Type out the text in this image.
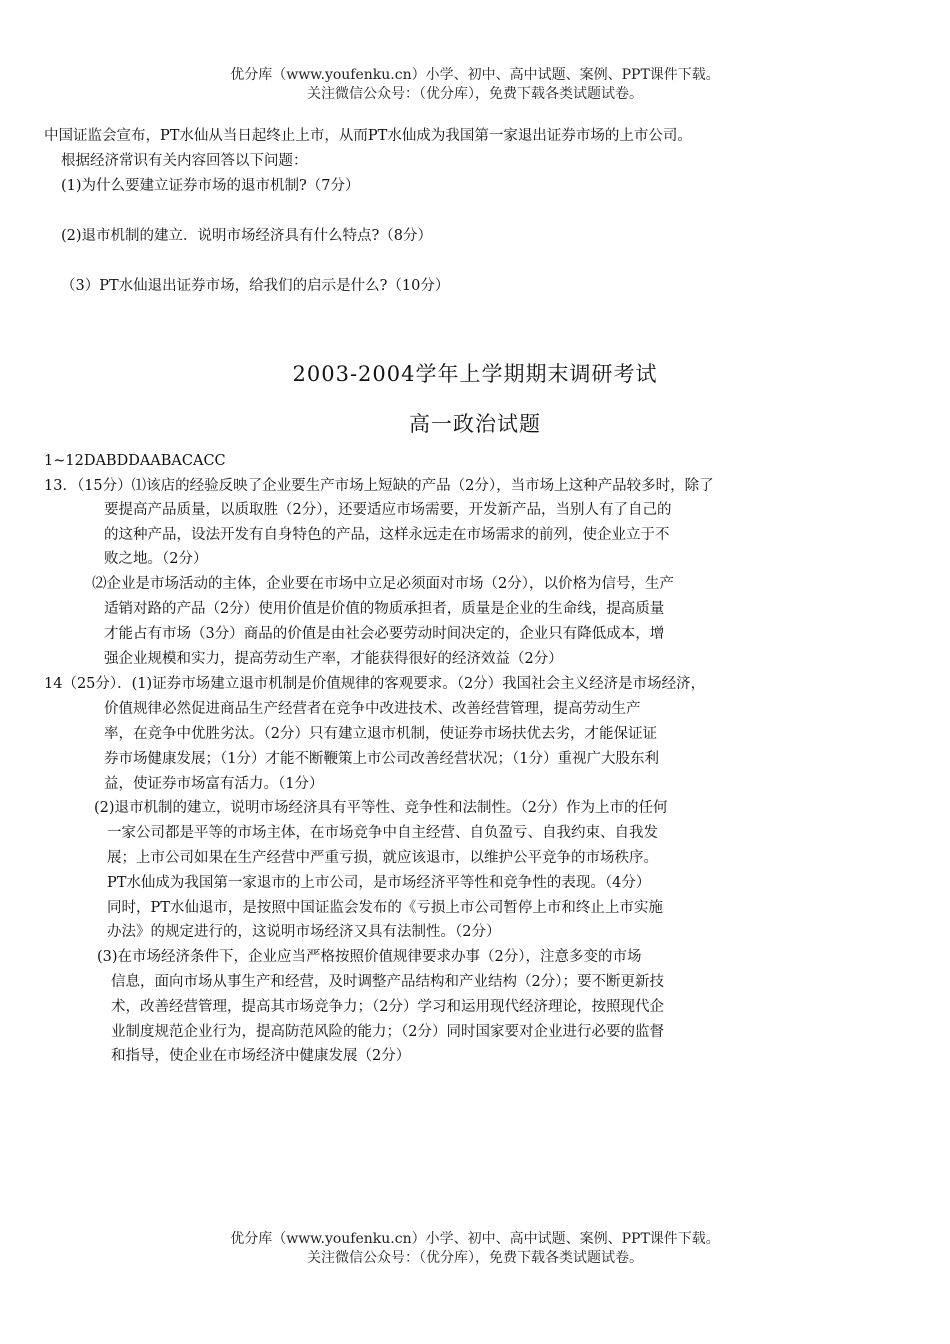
优分库（www.youfenku.cn）小学、初中、高中试题、案例、PPT课件下载。
关注微信公众号：（优分库），免费下载各类试题试卷。
中国证监会宣布，PT水仙从当日起终止上市，从而PT水仙成为我国第一家退出证券市场的上市公司。
根据经济常识有关内容回答以下问题：
(1)为什么要建立证券市场的退市机制?（7分）
(2)退市机制的建立．说明市场经济具有什么特点?（8分）
（3）PT水仙退出证券市场，给我们的启示是什么?（10分）
2003-2004学年上学期期末调研考试
高一政治试题
1~12DABDDAABACACC
13．（15分）⑴该店的经验反映了企业要生产市场上短缺的产品（2分），当市场上这种产品较多时，除了
要提高产品质量，以质取胜（2分），还要适应市场需要，开发新产品，当别人有了自己的
的这种产品，设法开发有自身特色的产品，这样永远走在市场需求的前列，使企业立于不
败之地。（2分）
⑵企业是市场活动的主体，企业要在市场中立足必须面对市场（2分），以价格为信号，生产
适销对路的产品（2分）使用价值是价值的物质承担者，质量是企业的生命线，提高质量
才能占有市场（3分）商品的价值是由社会必要劳动时间决定的，企业只有降低成本，增
强企业规模和实力，提高劳动生产率，才能获得很好的经济效益（2分）
14（25分）．(1)证券市场建立退市机制是价值规律的客观要求。（2分）我国社会主义经济是市场经济，
价值规律必然促进商品生产经营者在竞争中改进技术、改善经营管理，提高劳动生产
率，在竞争中优胜劣汰。（2分）只有建立退市机制，使证券市场扶优去劣，才能保证证
券市场健康发展；（1分）才能不断鞭策上市公司改善经营状况；（1分）重视广大股东利
益，使证券市场富有活力。（1分）
(2)退市机制的建立，说明市场经济具有平等性、竞争性和法制性。（2分）作为上市的任何
一家公司都是平等的市场主体，在市场竞争中自主经营、自负盈亏、自我约束、自我发
展；上市公司如果在生产经营中严重亏损，就应该退市，以维护公平竞争的市场秩序。
PT水仙成为我国第一家退市的上市公司，是市场经济平等性和竞争性的表现。（4分）
同时，PT水仙退市，是按照中国证监会发布的《亏损上市公司暂停上市和终止上市实施
办法》的规定进行的，这说明市场经济又具有法制性。（2分）
(3)在市场经济条件下，企业应当严格按照价值规律要求办事（2分），注意多变的市场
信息，面向市场从事生产和经营，及时调整产品结构和产业结构（2分）；要不断更新技
术，改善经营管理，提高其市场竞争力；（2分）学习和运用现代经济理论，按照现代企
业制度规范企业行为，提高防范风险的能力；（2分）同时国家要对企业进行必要的监督
和指导，使企业在市场经济中健康发展（2分）
优分库（www.youfenku.cn）小学、初中、高中试题、案例、PPT课件下载。
关注微信公众号：（优分库），免费下载各类试题试卷。
